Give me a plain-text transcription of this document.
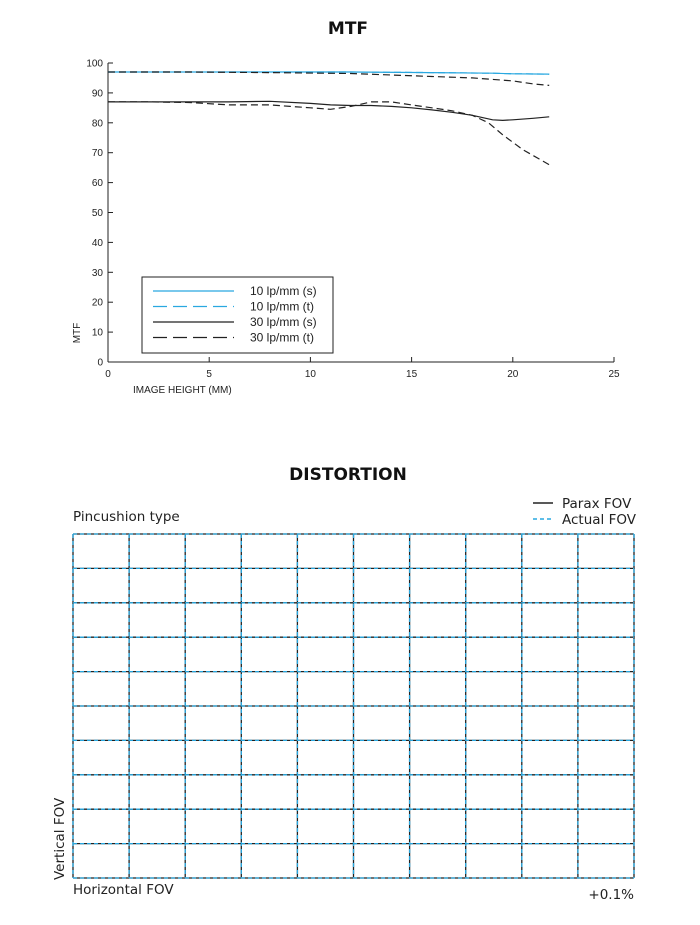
MTF
0
10
20
30
40
50
60
70
80
90
100
0	5	10	15	20	25
MTF
IMAGE HEIGHT (MM)
10 lp/mm (s)
10 lp/mm (t)
30 lp/mm (s)
30 lp/mm (t)
DISTORTION
Pincushion type
Parax FOV
Actual FOV
Vertical FOV
Horizontal FOV	+0.1%
